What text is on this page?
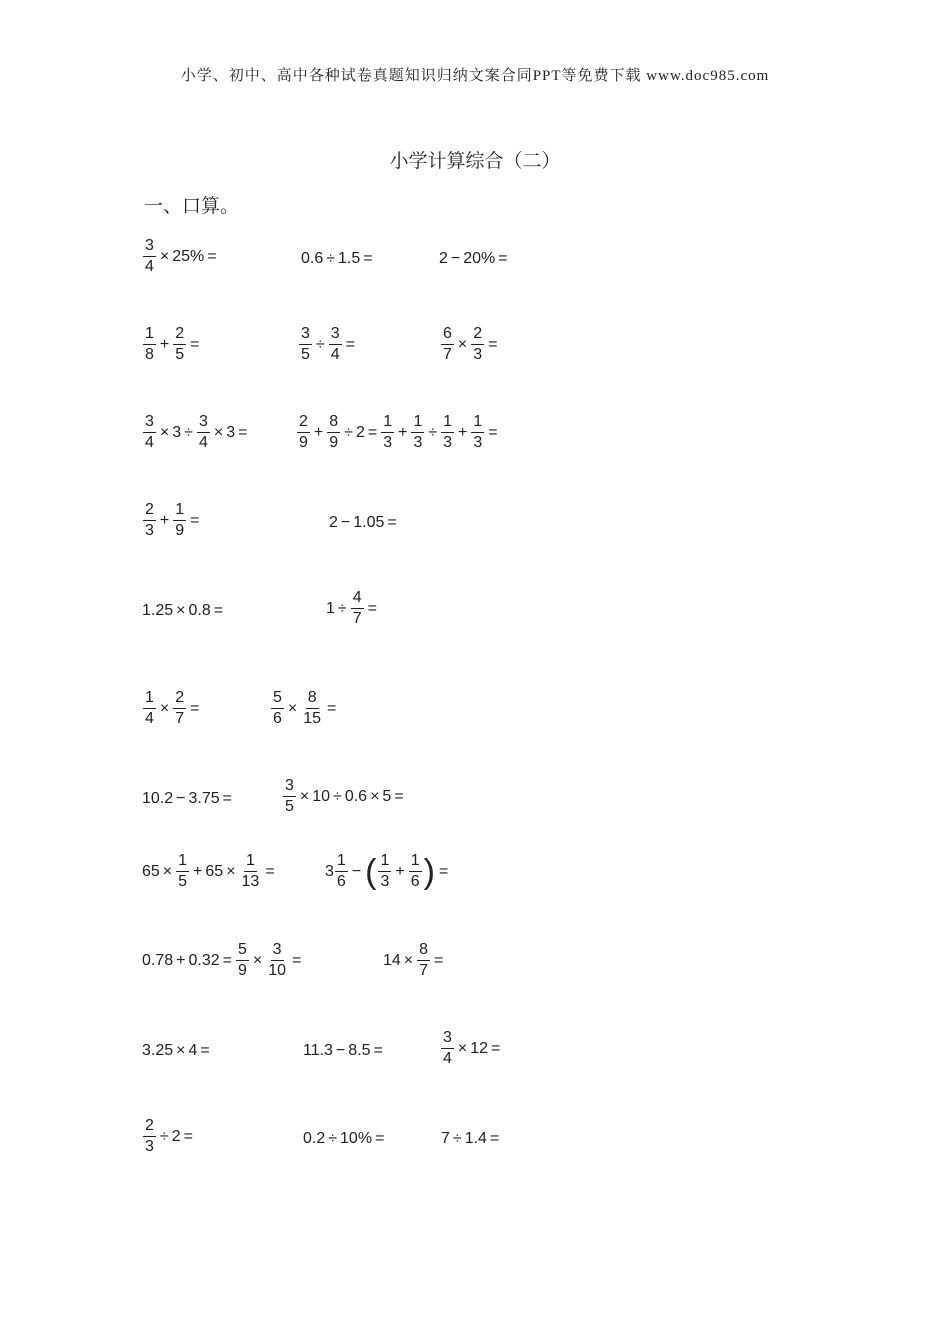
小学、初中、高中各种试卷真题知识归纳文案合同PPT等免费下载 www.doc985.com
小学计算综合（二）
一、口算。
$\frac{3}{4} \times 25\%$ =	0.6 ÷ 1.5 =	2 − 20% =
$\frac{1}{8} + \frac{2}{5}$ =	$\frac{3}{5} \div \frac{3}{4}$ =	$\frac{6}{7} \times \frac{2}{3}$ =
$\frac{3}{4} \times 3 \div \frac{3}{4} \times 3$ =	$\frac{2}{9} + \frac{8}{9} \div 2 = \frac{1}{3} + \frac{1}{3} \div \frac{1}{3} + \frac{1}{3}$ =
$\frac{2}{3} + \frac{1}{9}$ =	2 − 1.05 =
1.25 × 0.8 =	$1 \div \frac{4}{7}$ =
$\frac{1}{4} \times \frac{2}{7}$ =	$\frac{5}{6} \times \frac{8}{15}$ =
10.2 − 3.75 =	$\frac{3}{5} \times 10 \div 0.6 \times 5$ =
$65 \times \frac{1}{5} + 65 \times \frac{1}{13}$ =	$3 \frac{1}{6}$ − ( $\frac{1}{3} + \frac{1}{6}$ ) =
$0.78 + 0.32 = \frac{5}{9} \times \frac{3}{10}$ =	$14 \times \frac{8}{7}$ =
3.25 × 4 =	11.3 − 8.5 =	$\frac{3}{4} \times 12$ =
$\frac{2}{3} \div 2$ =	0.2 ÷ 10% =	7 ÷ 1.4 =
